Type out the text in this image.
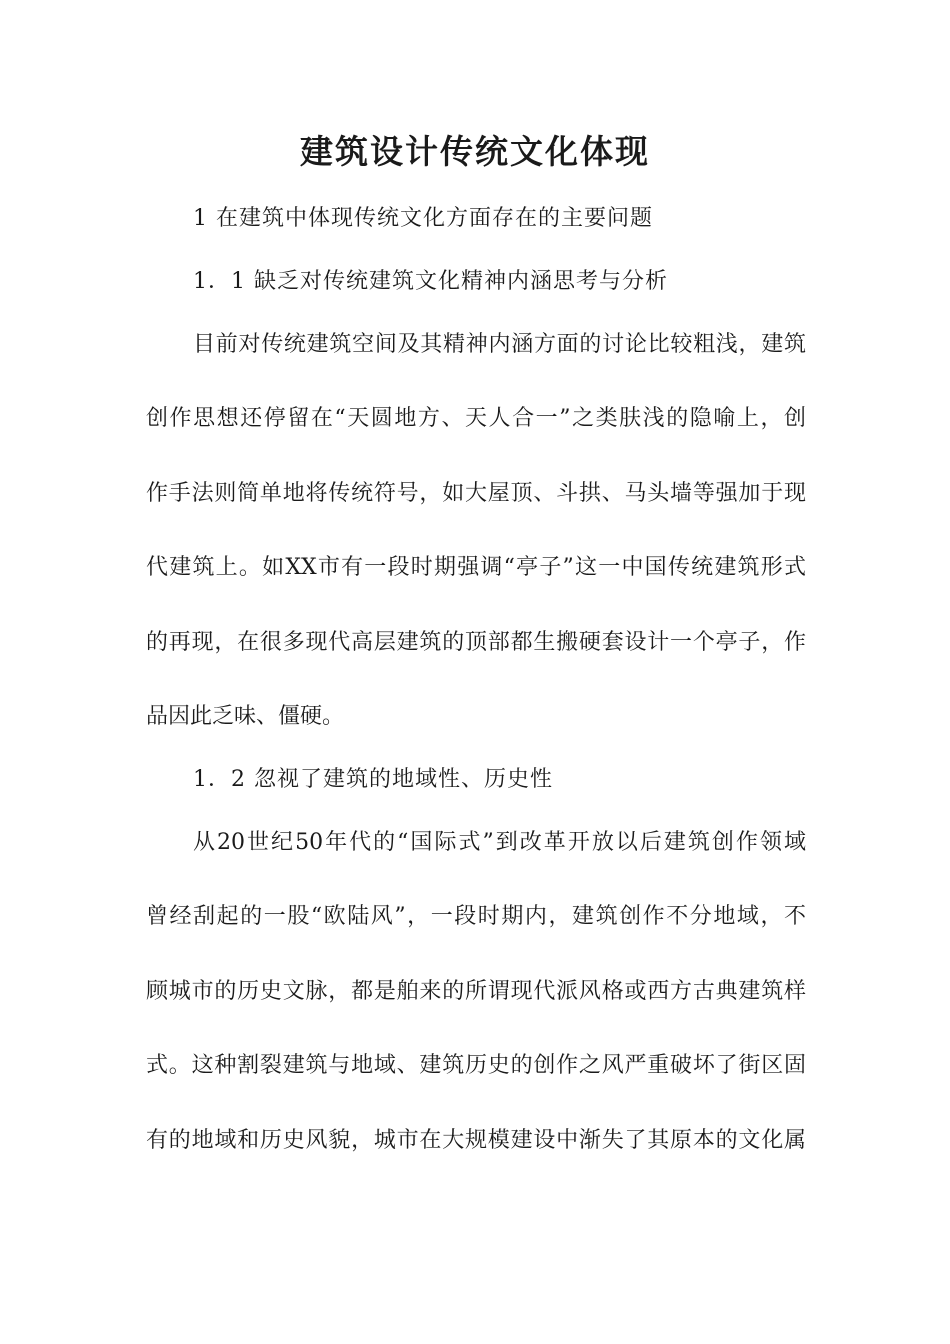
建筑设计传统文化体现
1 在建筑中体现传统文化方面存在的主要问题
1．1 缺乏对传统建筑文化精神内涵思考与分析
目前对传统建筑空间及其精神内涵方面的讨论比较粗浅，建筑
创作思想还停留在“天圆地方、天人合一”之类肤浅的隐喻上，创
作手法则简单地将传统符号，如大屋顶、斗拱、马头墙等强加于现
代建筑上。如XX市有一段时期强调“亭子”这一中国传统建筑形式
的再现，在很多现代高层建筑的顶部都生搬硬套设计一个亭子，作
品因此乏味、僵硬。
1．2 忽视了建筑的地域性、历史性
从20世纪50年代的“国际式”到改革开放以后建筑创作领域
曾经刮起的一股“欧陆风”，一段时期内，建筑创作不分地域，不
顾城市的历史文脉，都是舶来的所谓现代派风格或西方古典建筑样
式。这种割裂建筑与地域、建筑历史的创作之风严重破坏了街区固
有的地域和历史风貌，城市在大规模建设中渐失了其原本的文化属
